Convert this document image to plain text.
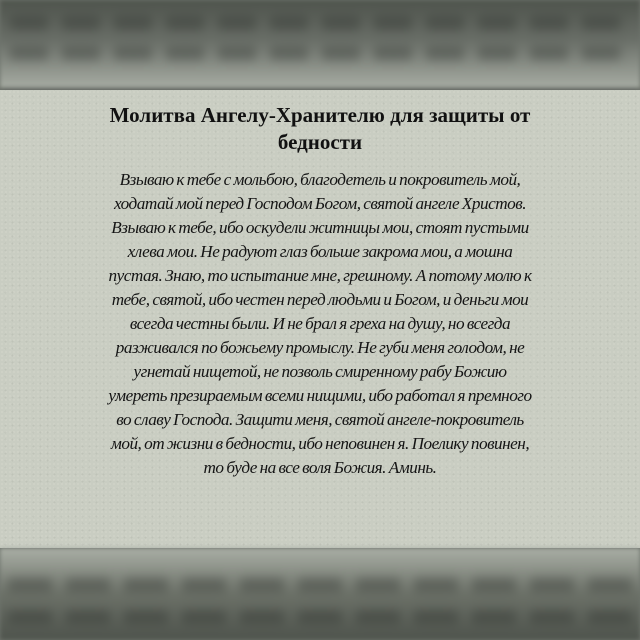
Молитва Ангелу-Хранителю для защиты от
бедности
Взываю к тебе с мольбою, благодетель и покровитель мой,
ходатай мой перед Господом Богом, святой ангеле Христов.
Взываю к тебе, ибо оскудели житницы мои, стоят пустыми
хлева мои. Не радуют глаз больше закрома мои, а мошна
пустая. Знаю, то испытание мне, грешному. А потому молю к
тебе, святой, ибо честен перед людьми и Богом, и деньги мои
всегда честны были. И не брал я греха на душу, но всегда
разживался по божьему промыслу. Не губи меня голодом, не
угнетай нищетой, не позволь смиренному рабу Божию
умереть презираемым всеми нищими, ибо работал я премного
во славу Господа. Защити меня, святой ангеле-покровитель
мой, от жизни в бедности, ибо неповинен я. Поелику повинен,
то буде на все воля Божия. Аминь.
